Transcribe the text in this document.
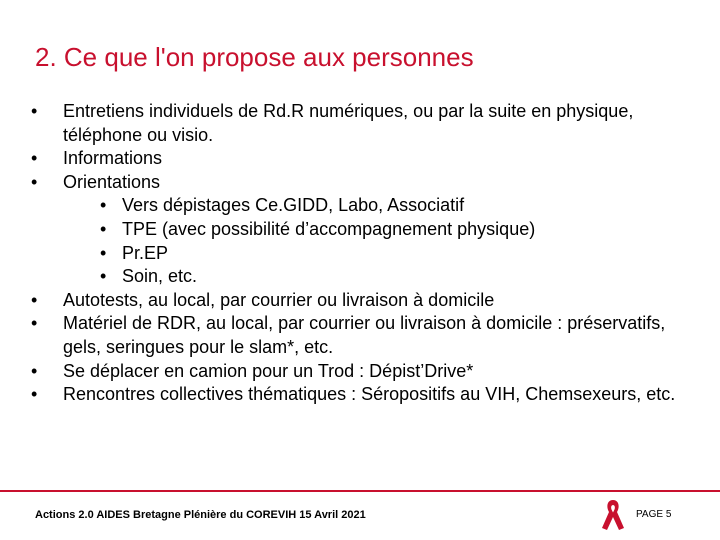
2. Ce que l'on propose aux personnes
• Entretiens individuels de Rd.R numériques, ou par la suite en physique, téléphone ou visio.
• Informations
• Orientations
• Vers dépistages Ce.GIDD, Labo, Associatif
• TPE (avec possibilité d’accompagnement physique)
• Pr.EP
• Soin, etc.
• Autotests, au local, par courrier ou livraison à domicile
• Matériel de RDR, au local, par courrier ou livraison à domicile : préservatifs, gels, seringues pour le slam*, etc.
• Se déplacer en camion pour un Trod : Dépist’Drive*
• Rencontres collectives thématiques : Séropositifs au VIH, Chemsexeurs, etc.
Actions 2.0 AIDES Bretagne Plénière du COREVIH 15 Avril 2021	PAGE 5
